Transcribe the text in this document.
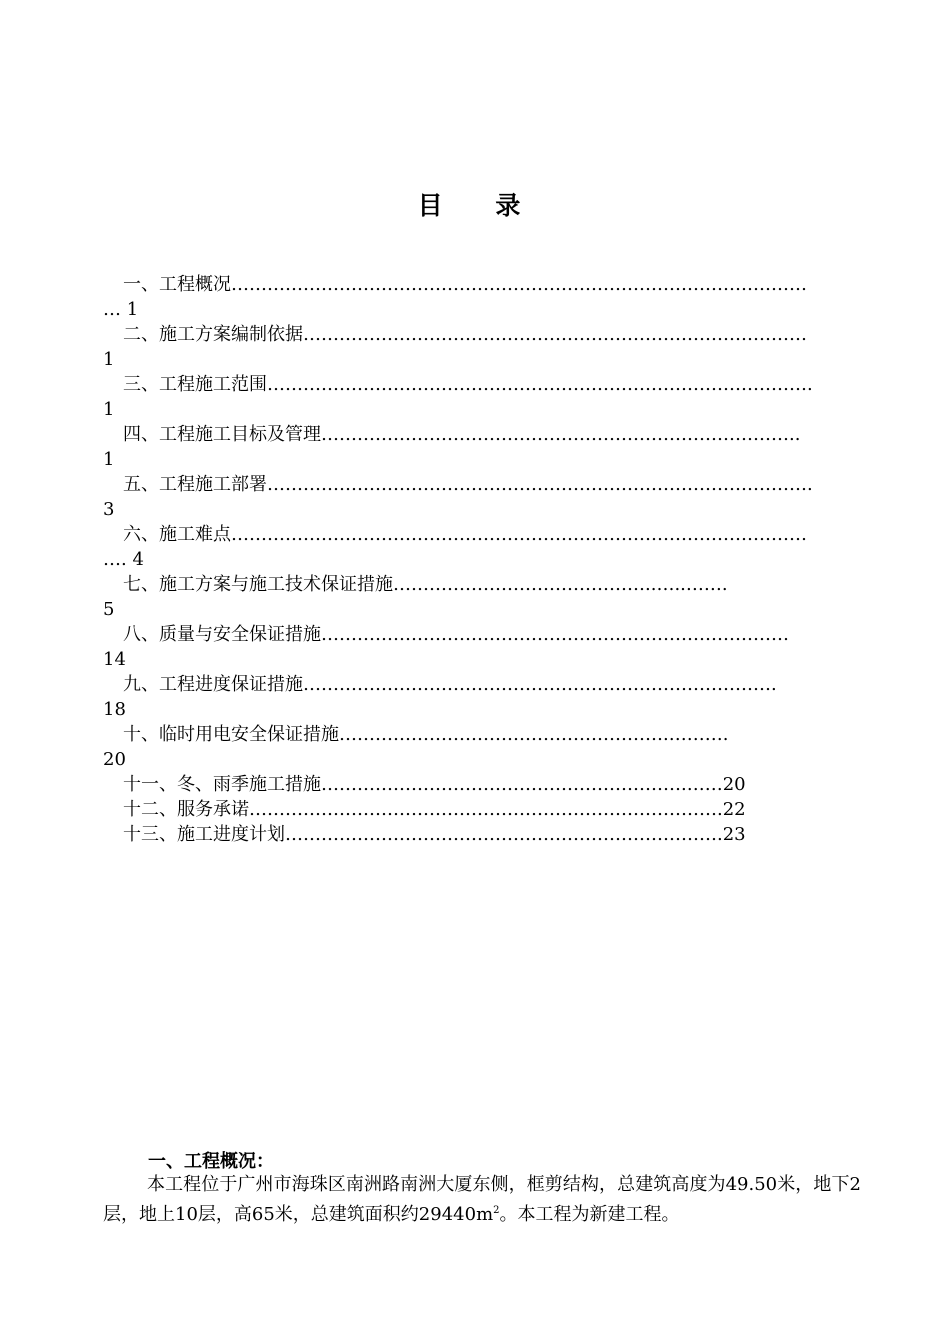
目 录
一、工程概况……………………………………………………………………………………
… 1
二、施工方案编制依据…………………………………………………………………………
1
三、工程施工范围……………………………………………………………………………….
1
四、工程施工目标及管理……………………………………………………………………..
1
五、工程施工部署……………………………………………………………………………….
3
六、施工难点……………………………………………………………………………………
…. 4
七、施工方案与施工技术保证措施……………………………………..…..…….
5
八、质量与安全保证措施……………………………………………………………………
14
九、工程进度保证措施…………………………………………………………………….
18
十、临时用电安全保证措施……………………………………………….……….
20
十一、冬、雨季施工措施…………………………………………………….……20
十二、服务承诺…………………………………………………………………….22
十三、施工进度计划……………………………………………………………….23
一、工程概况：
本工程位于广州市海珠区南洲路南洲大厦东侧，框剪结构，总建筑高度为49.50米，地下2层，地上10层，高65米，总建筑面积约$29440m^2$。本工程为新建工程。
